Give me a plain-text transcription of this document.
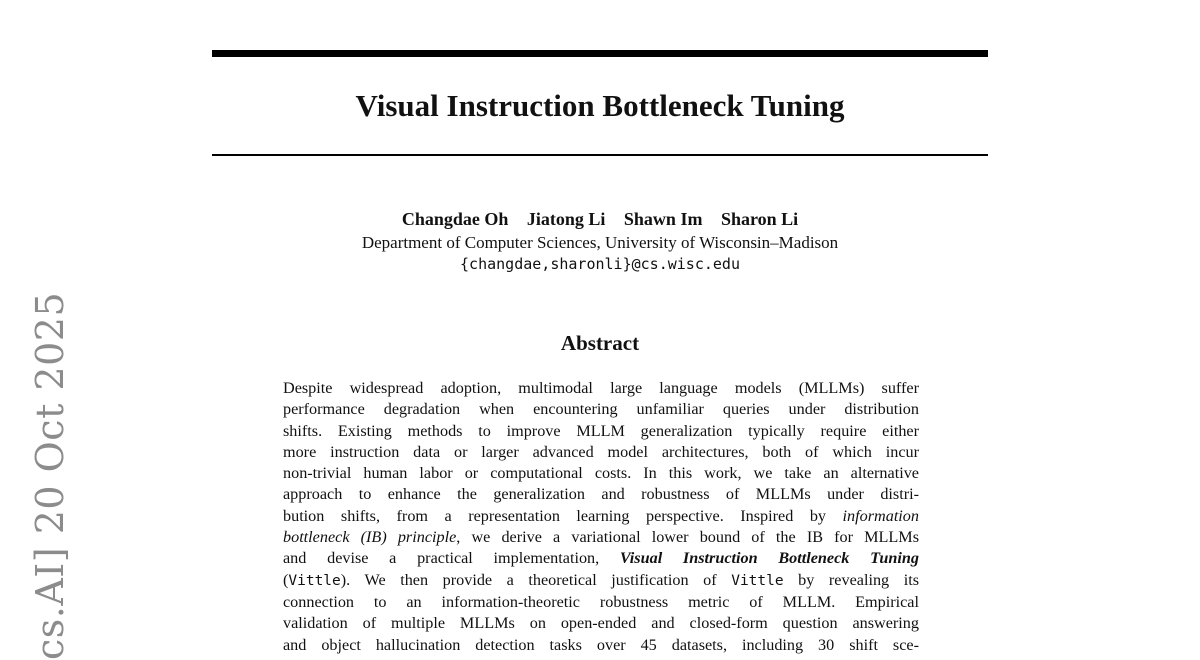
Visual Instruction Bottleneck Tuning
Changdae Oh Jiatong Li Shawn Im Sharon Li
Department of Computer Sciences, University of Wisconsin–Madison
{changdae,sharonli}@cs.wisc.edu
Abstract
Despite widespread adoption, multimodal large language models (MLLMs) suffer
performance degradation when encountering unfamiliar queries under distribution
shifts. Existing methods to improve MLLM generalization typically require either
more instruction data or larger advanced model architectures, both of which incur
non-trivial human labor or computational costs. In this work, we take an alternative
approach to enhance the generalization and robustness of MLLMs under distri-
bution shifts, from a representation learning perspective. Inspired by information
bottleneck (IB) principle, we derive a variational lower bound of the IB for MLLMs
and devise a practical implementation, Visual Instruction Bottleneck Tuning
(Vittle). We then provide a theoretical justification of Vittle by revealing its
connection to an information-theoretic robustness metric of MLLM. Empirical
validation of multiple MLLMs on open-ended and closed-form question answering
and object hallucination detection tasks over 45 datasets, including 30 shift sce-
cs.AI] 20 Oct 2025
